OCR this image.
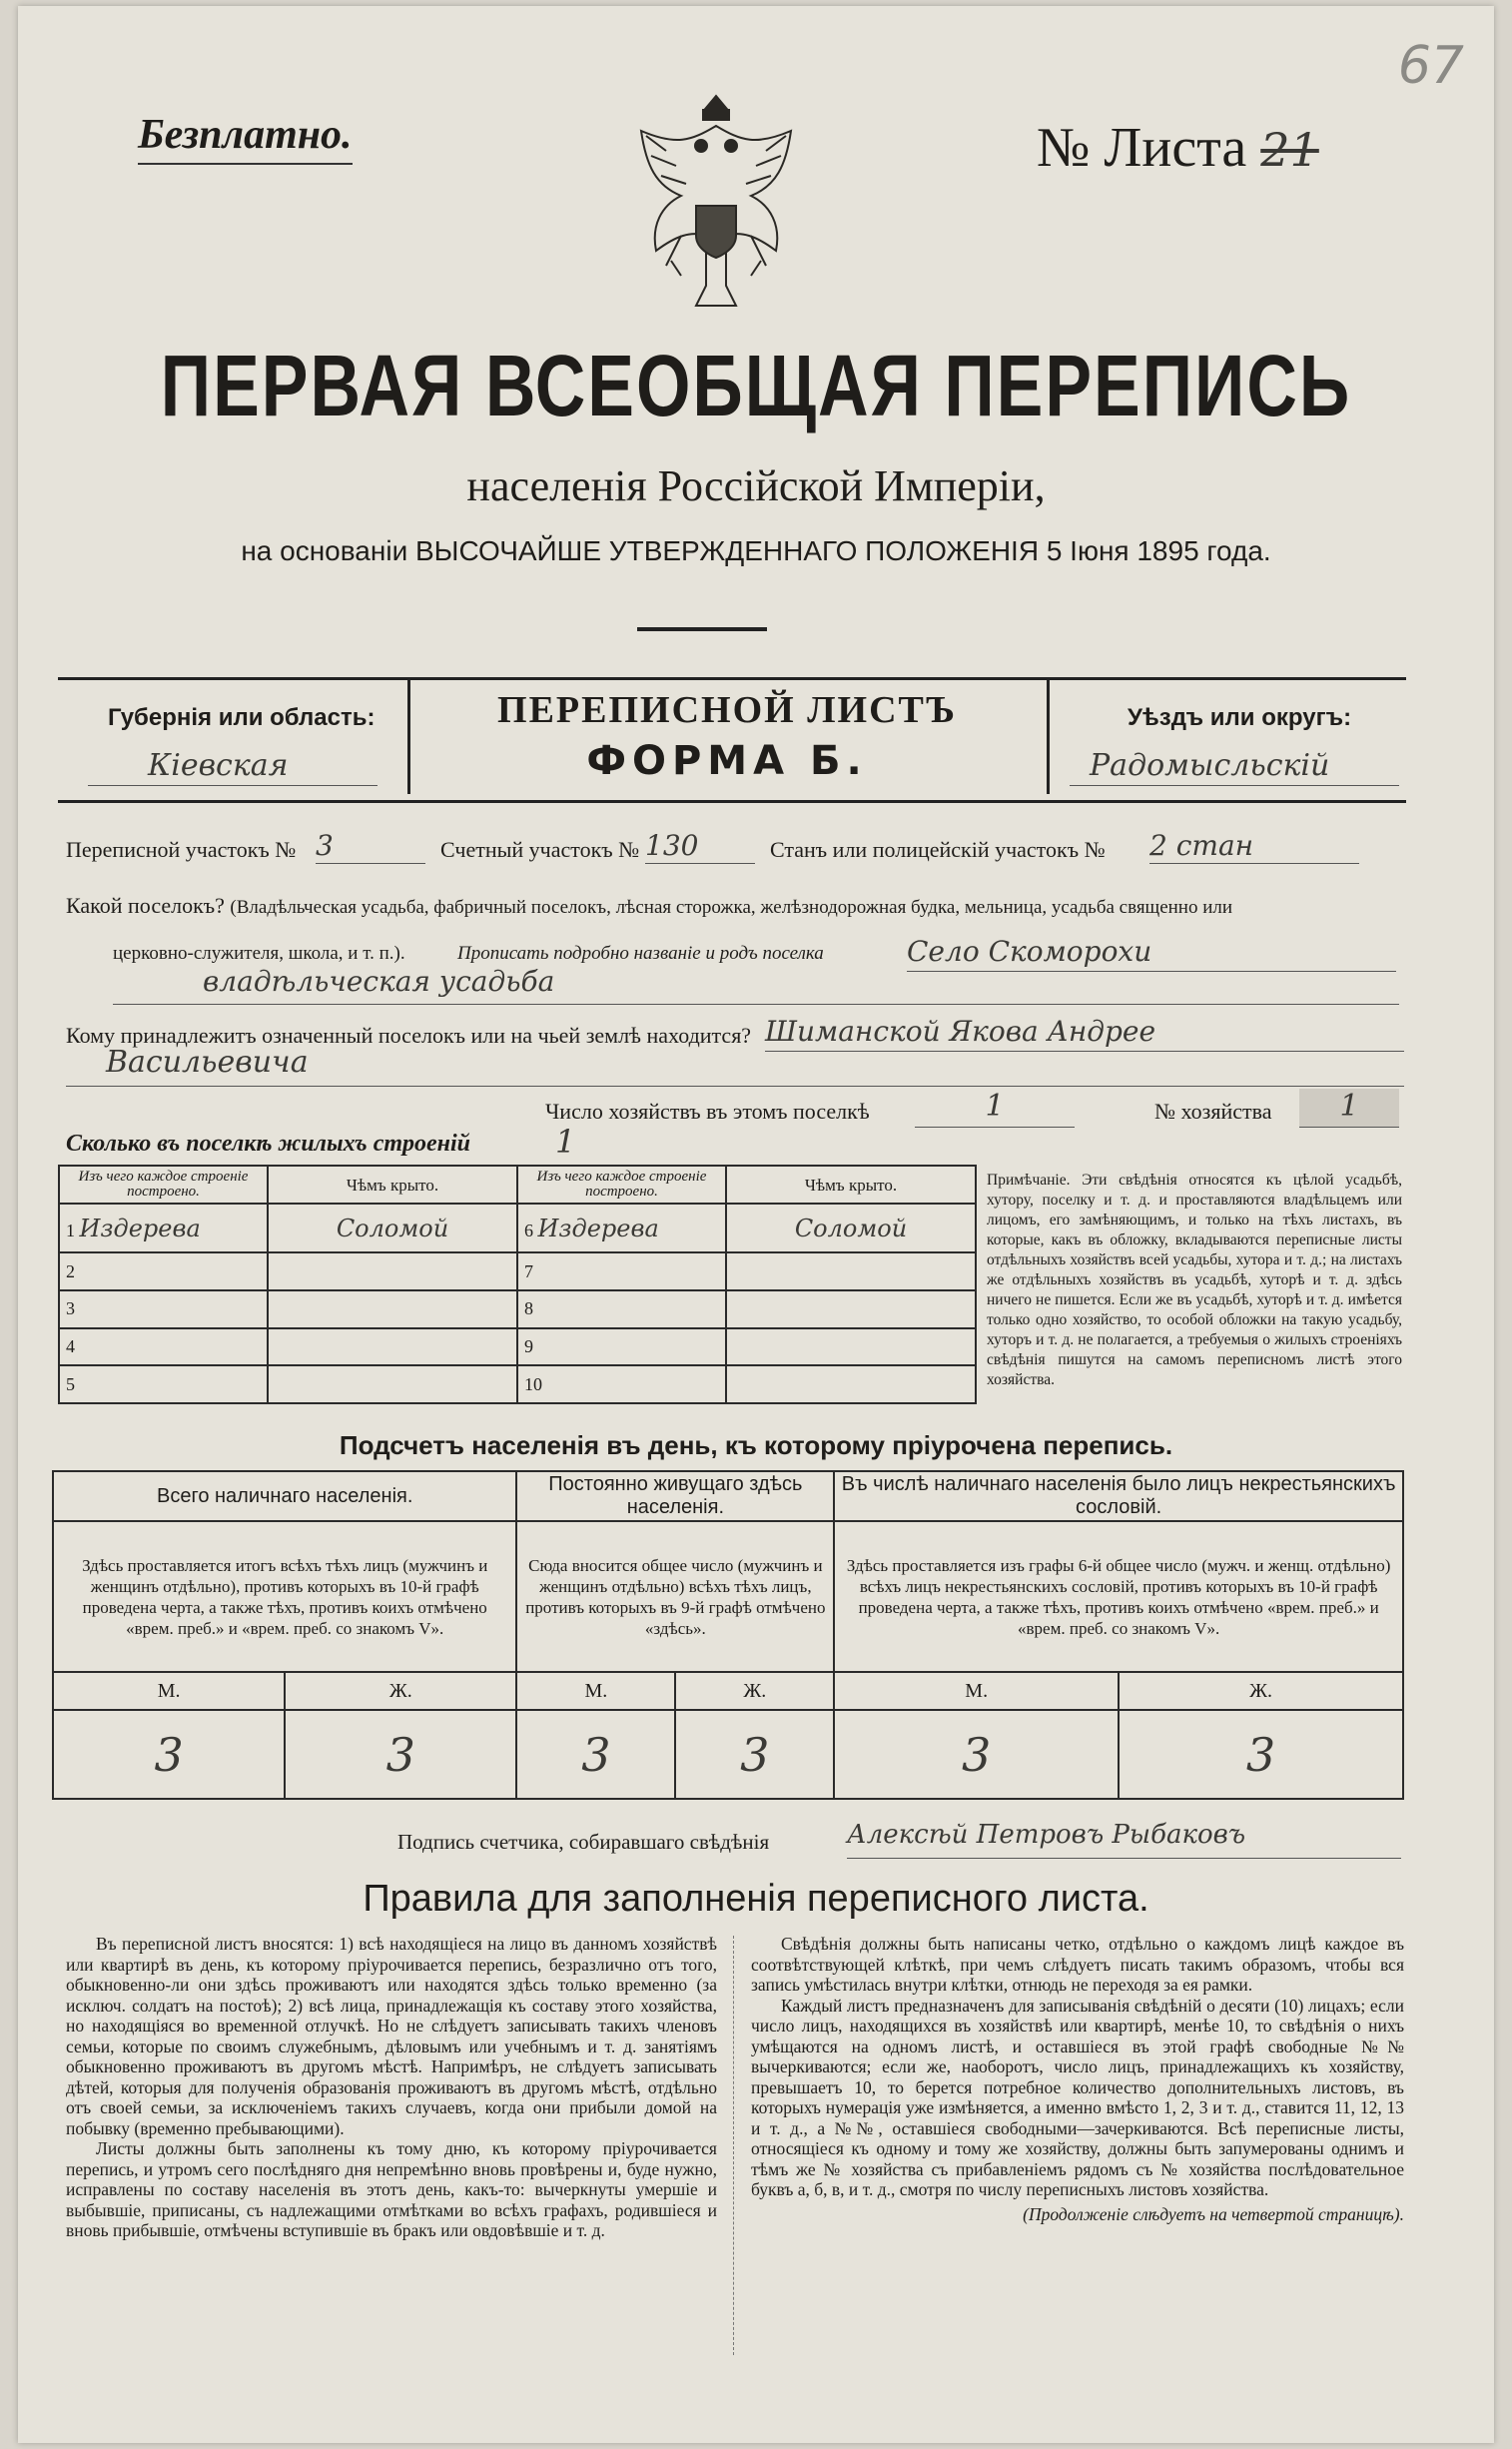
67
Безплатно.	№ Листа 21
ПЕРВАЯ ВСЕОБЩАЯ ПЕРЕПИСЬ
населенія Россійской Имперіи,
на основаніи ВЫСОЧАЙШЕ УТВЕРЖДЕННАГО ПОЛОЖЕНІЯ 5 Іюня 1895 года.
Губернія или область:
Кіевская
ПЕРЕПИСНОЙ ЛИСТЪ
ФОРМА Б.
Уѣздъ или округъ:
Радомысльскій
Переписной участокъ № 3	Счетный участокъ № 130	Станъ или полицейскій участокъ № 2 стан
Какой поселокъ? (Владѣльческая усадьба, фабричный поселокъ, лѣсная сторожка, желѣзнодорожная будка, мельница, усадьба священно или
церковно-служителя, школа, и т. п.).	Прописать подробно названіе и родъ поселка	Село Скоморохи
владѣльческая усадьба
Кому принадлежитъ означенный поселокъ или на чьей землѣ находится? Шиманской Якова Андрее
Васильевича
Число хозяйствъ въ этомъ поселкѣ	1	№ хозяйства	1
Сколько въ поселкѣ жилыхъ строеній	1
Изъ чего каждое строеніе построено.	Чѣмъ крыто.	Изъ чего каждое строеніе построено.	Чѣмъ крыто.
1 Издерева	Соломой	6 Издерева	Соломой
2		7	
3		8	
4		9	
5		10	
Примѣчаніе. Эти свѣдѣнія относятся къ цѣлой усадьбѣ, хутору, поселку и т. д. и проставляются владѣльцемъ или лицомъ, его замѣняющимъ, и только на тѣхъ листахъ, въ которые, какъ въ обложку, вкладываются переписные листы отдѣльныхъ хозяйствъ всей усадьбы, хутора и т. д.; на листахъ же отдѣльныхъ хозяйствъ въ усадьбѣ, хуторѣ и т. д. здѣсь ничего не пишется. Если же въ усадьбѣ, хуторѣ и т. д. имѣется только одно хозяйство, то особой обложки на такую усадьбу, хуторъ и т. д. не полагается, а требуемыя о жилыхъ строеніяхъ свѣдѣнія пишутся на самомъ переписномъ листѣ этого хозяйства.
Подсчетъ населенія въ день, къ которому пріурочена перепись.
Всего наличнаго населенія.		Постоянно живущаго здѣсь населенія.		Въ числѣ наличнаго населенія было лицъ некрестьянскихъ сословій.	
Здѣсь проставляется итогъ всѣхъ тѣхъ лицъ (мужчинъ и женщинъ отдѣльно), противъ которыхъ въ 10-й графѣ проведена черта, а также тѣхъ, противъ коихъ отмѣчено «врем. преб.» и «врем. преб. со знакомъ V».		Сюда вносится общее число (мужчинъ и женщинъ отдѣльно) всѣхъ тѣхъ лицъ, противъ которыхъ въ 9-й графѣ отмѣчено «здѣсь».		Здѣсь проставляется изъ графы 6-й общее число (мужч. и женщ. отдѣльно) всѣхъ лицъ некрестьянскихъ сословій, противъ которыхъ въ 10-й графѣ проведена черта, а также тѣхъ, противъ коихъ отмѣчено «врем. преб.» и «врем. преб. со знакомъ V».	
М.	Ж.	М.	Ж.	М.	Ж.
3	3	3	3	3	3
Подпись счетчика, собиравшаго свѣдѣнія	Алексѣй Петровъ Рыбаковъ
Правила для заполненія переписного листа.
Въ переписной листъ вносятся: 1) всѣ находящіеся на лицо въ данномъ хозяйствѣ или квартирѣ въ день, къ которому пріурочивается перепись, безразлично отъ того, обыкновенно-ли они здѣсь проживаютъ или находятся здѣсь только временно (за исключ. солдатъ на постоѣ); 2) всѣ лица, принадлежащія къ составу этого хозяйства, но находящіяся во временной отлучкѣ. Но не слѣдуетъ записывать такихъ членовъ семьи, которые по своимъ служебнымъ, дѣловымъ или учебнымъ и т. д. занятіямъ обыкновенно проживаютъ въ другомъ мѣстѣ. Напримѣръ, не слѣдуетъ записывать дѣтей, которыя для полученія образованія проживаютъ въ другомъ мѣстѣ, отдѣльно отъ своей семьи, за исключеніемъ такихъ случаевъ, когда они прибыли домой на побывку (временно пребывающими).
Листы должны быть заполнены къ тому дню, къ которому пріурочивается перепись, и утромъ сего послѣдняго дня непремѣнно вновь провѣрены и, буде нужно, исправлены по составу населенія въ этотъ день, какъ-то: вычеркнуты умершіе и выбывшіе, приписаны, съ надлежащими отмѣтками во всѣхъ графахъ, родившіеся и вновь прибывшіе, отмѣчены вступившіе въ бракъ или овдовѣвшіе и т. д.
Свѣдѣнія должны быть написаны четко, отдѣльно о каждомъ лицѣ каждое въ соотвѣтствующей клѣткѣ, при чемъ слѣдуетъ писать такимъ образомъ, чтобы вся запись умѣстилась внутри клѣтки, отнюдь не переходя за ея рамки.
Каждый листъ предназначенъ для записыванія свѣдѣній о десяти (10) лицахъ; если число лицъ, находящихся въ хозяйствѣ или квартирѣ, менѣе 10, то свѣдѣнія о нихъ умѣщаются на одномъ листѣ, и оставшіеся въ этой графѣ свободные №№ вычеркиваются; если же, наоборотъ, число лицъ, принадлежащихъ къ хозяйству, превышаетъ 10, то берется потребное количество дополнительныхъ листовъ, въ которыхъ нумерація уже измѣняется, а именно вмѣсто 1, 2, 3 и т. д., ставится 11, 12, 13 и т. д., а №№, оставшіеся свободными—зачеркиваются. Всѣ переписные листы, относящіеся къ одному и тому же хозяйству, должны быть запумерованы однимъ и тѣмъ же № хозяйства съ прибавленіемъ рядомъ съ № хозяйства послѣдовательное буквъ а, б, в, и т. д., смотря по числу переписныхъ листовъ хозяйства.
(Продолженіе слѣдуетъ на четвертой страницѣ).
